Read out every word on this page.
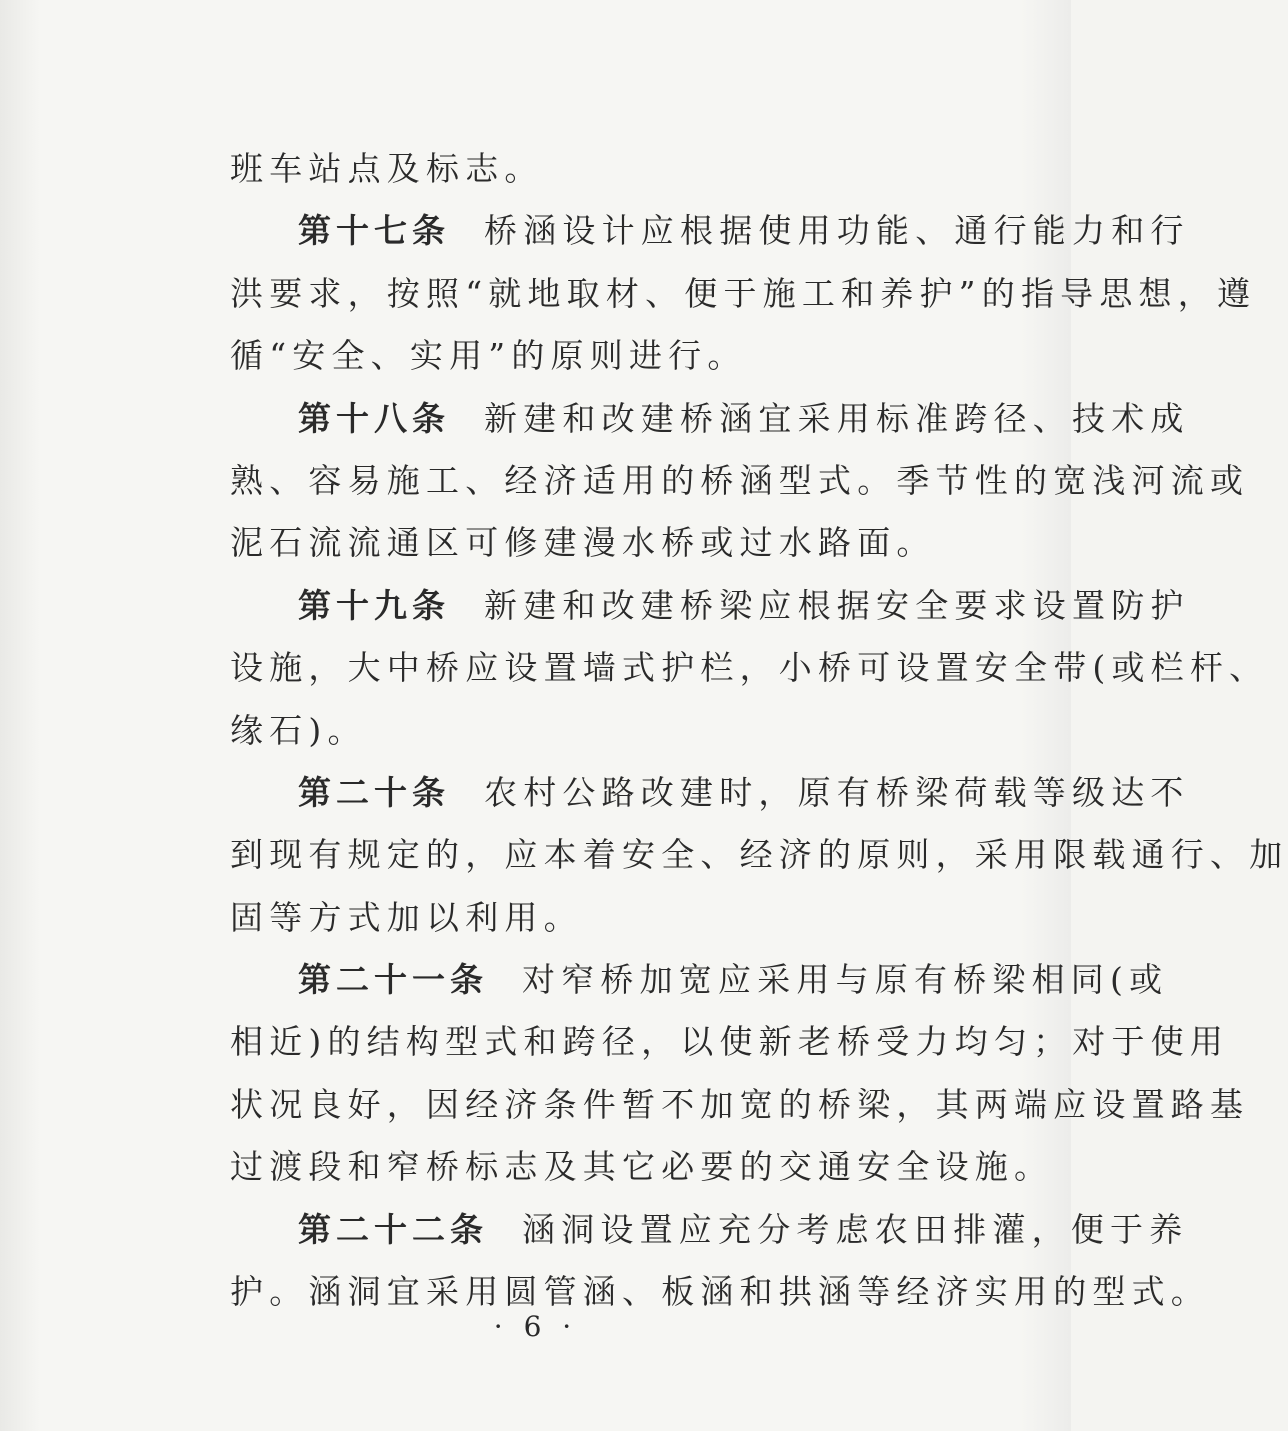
班车站点及标志。
第十七条 桥涵设计应根据使用功能、通行能力和行
洪要求，按照“就地取材、便于施工和养护”的指导思想，遵
循“安全、实用”的原则进行。
第十八条 新建和改建桥涵宜采用标准跨径、技术成
熟、容易施工、经济适用的桥涵型式。季节性的宽浅河流或
泥石流流通区可修建漫水桥或过水路面。
第十九条 新建和改建桥梁应根据安全要求设置防护
设施，大中桥应设置墙式护栏，小桥可设置安全带(或栏杆、
缘石)。
第二十条 农村公路改建时，原有桥梁荷载等级达不
到现有规定的，应本着安全、经济的原则，采用限载通行、加
固等方式加以利用。
第二十一条 对窄桥加宽应采用与原有桥梁相同(或
相近)的结构型式和跨径，以使新老桥受力均匀；对于使用
状况良好，因经济条件暂不加宽的桥梁，其两端应设置路基
过渡段和窄桥标志及其它必要的交通安全设施。
第二十二条 涵洞设置应充分考虑农田排灌，便于养
护。涵洞宜采用圆管涵、板涵和拱涵等经济实用的型式。
· 6 ·
